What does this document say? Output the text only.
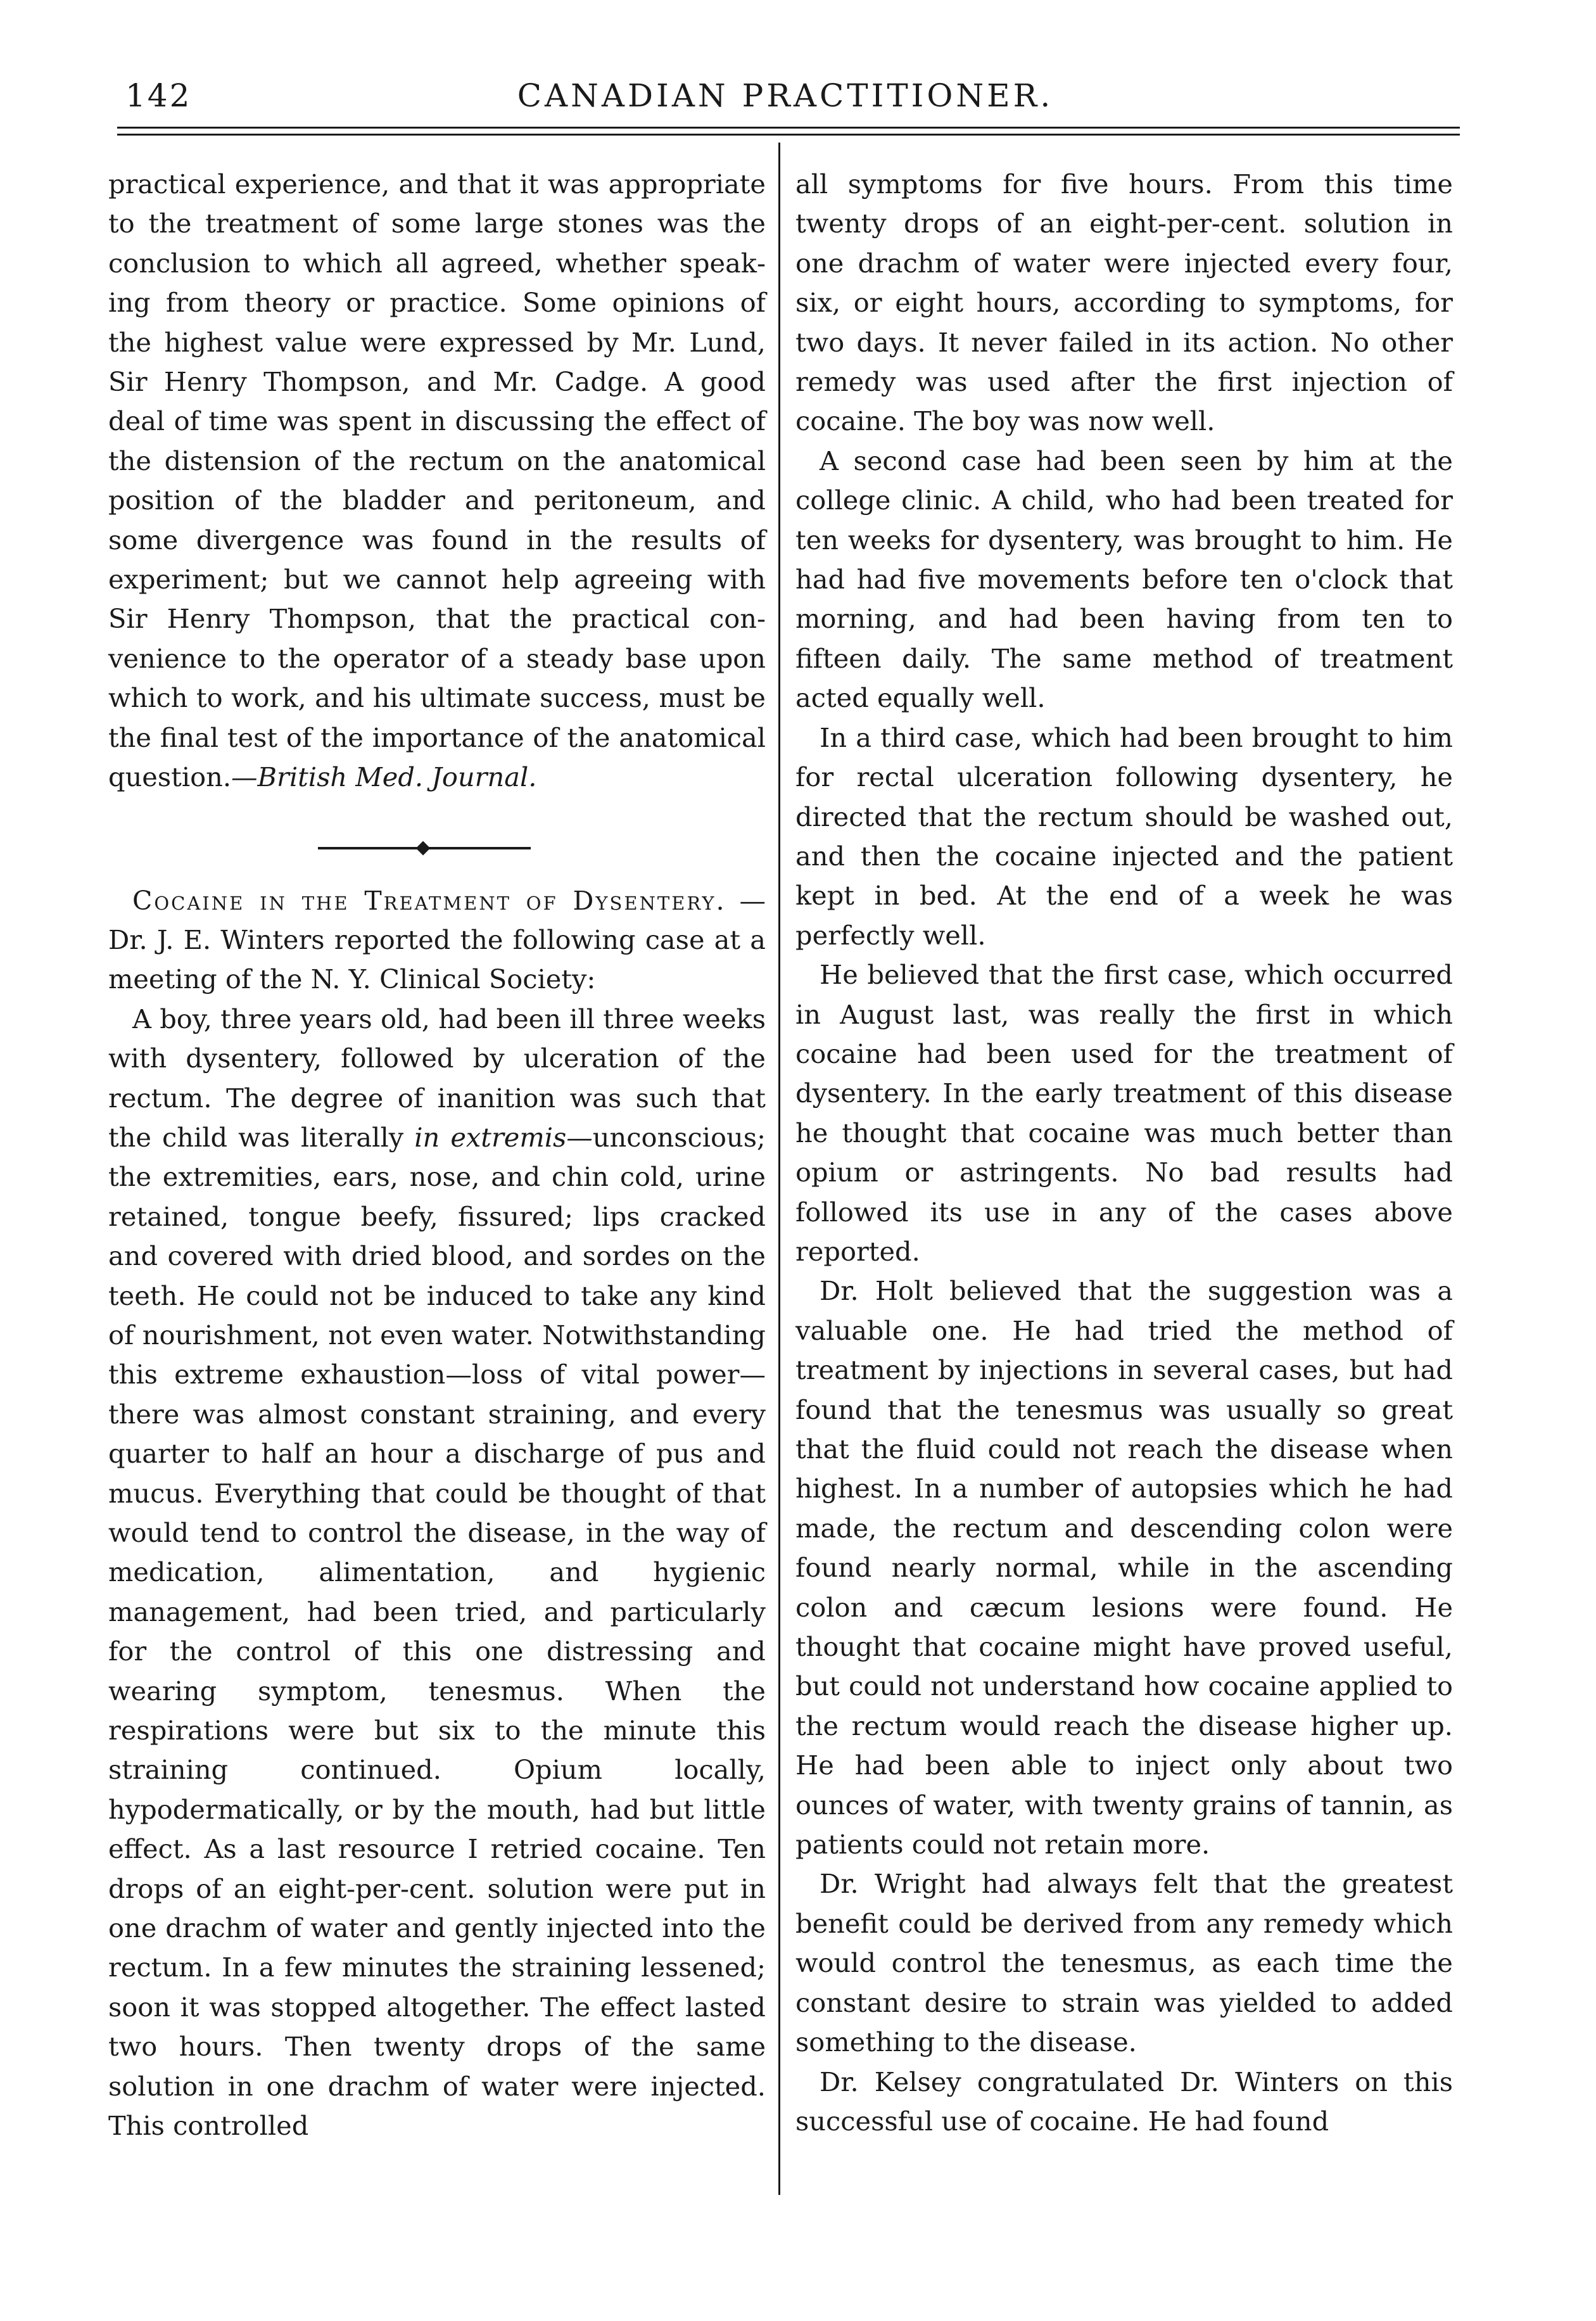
142	CANADIAN PRACTITIONER.

practical experience, and that it was appropriate to the treatment of some large stones was the conclusion to which all agreed, whether speaking from theory or practice. Some opinions of the highest value were expressed by Mr. Lund, Sir Henry Thompson, and Mr. Cadge. A good deal of time was spent in discussing the effect of the distension of the rectum on the anatomical position of the bladder and peritoneum, and some divergence was found in the results of experiment; but we cannot help agreeing with Sir Henry Thompson, that the practical convenience to the operator of a steady base upon which to work, and his ultimate success, must be the final test of the importance of the anatomical question.—British Med. Journal.

Cocaine in the Treatment of Dysentery. —Dr. J. E. Winters reported the following case at a meeting of the N. Y. Clinical Society:

A boy, three years old, had been ill three weeks with dysentery, followed by ulceration of the rectum. The degree of inanition was such that the child was literally in extremis—unconscious; the extremities, ears, nose, and chin cold, urine retained, tongue beefy, fissured; lips cracked and covered with dried blood, and sordes on the teeth. He could not be induced to take any kind of nourishment, not even water. Notwithstanding this extreme exhaustion—loss of vital power—there was almost constant straining, and every quarter to half an hour a discharge of pus and mucus. Everything that could be thought of that would tend to control the disease, in the way of medication, alimentation, and hygienic management, had been tried, and particularly for the control of this one distressing and wearing symptom, tenesmus. When the respirations were but six to the minute this straining continued. Opium locally, hypodermatically, or by the mouth, had but little effect. As a last resource I retried cocaine. Ten drops of an eight-per-cent. solution were put in one drachm of water and gently injected into the rectum. In a few minutes the straining lessened; soon it was stopped altogether. The effect lasted two hours. Then twenty drops of the same solution in one drachm of water were injected. This controlled

all symptoms for five hours. From this time twenty drops of an eight-per-cent. solution in one drachm of water were injected every four, six, or eight hours, according to symptoms, for two days. It never failed in its action. No other remedy was used after the first injection of cocaine. The boy was now well.

A second case had been seen by him at the college clinic. A child, who had been treated for ten weeks for dysentery, was brought to him. He had had five movements before ten o'clock that morning, and had been having from ten to fifteen daily. The same method of treatment acted equally well.

In a third case, which had been brought to him for rectal ulceration following dysentery, he directed that the rectum should be washed out, and then the cocaine injected and the patient kept in bed. At the end of a week he was perfectly well.

He believed that the first case, which occurred in August last, was really the first in which cocaine had been used for the treatment of dysentery. In the early treatment of this disease he thought that cocaine was much better than opium or astringents. No bad results had followed its use in any of the cases above reported.

Dr. Holt believed that the suggestion was a valuable one. He had tried the method of treatment by injections in several cases, but had found that the tenesmus was usually so great that the fluid could not reach the disease when highest. In a number of autopsies which he had made, the rectum and descending colon were found nearly normal, while in the ascending colon and cæcum lesions were found. He thought that cocaine might have proved useful, but could not understand how cocaine applied to the rectum would reach the disease higher up. He had been able to inject only about two ounces of water, with twenty grains of tannin, as patients could not retain more.

Dr. Wright had always felt that the greatest benefit could be derived from any remedy which would control the tenesmus, as each time the constant desire to strain was yielded to added something to the disease.

Dr. Kelsey congratulated Dr. Winters on this successful use of cocaine. He had found
